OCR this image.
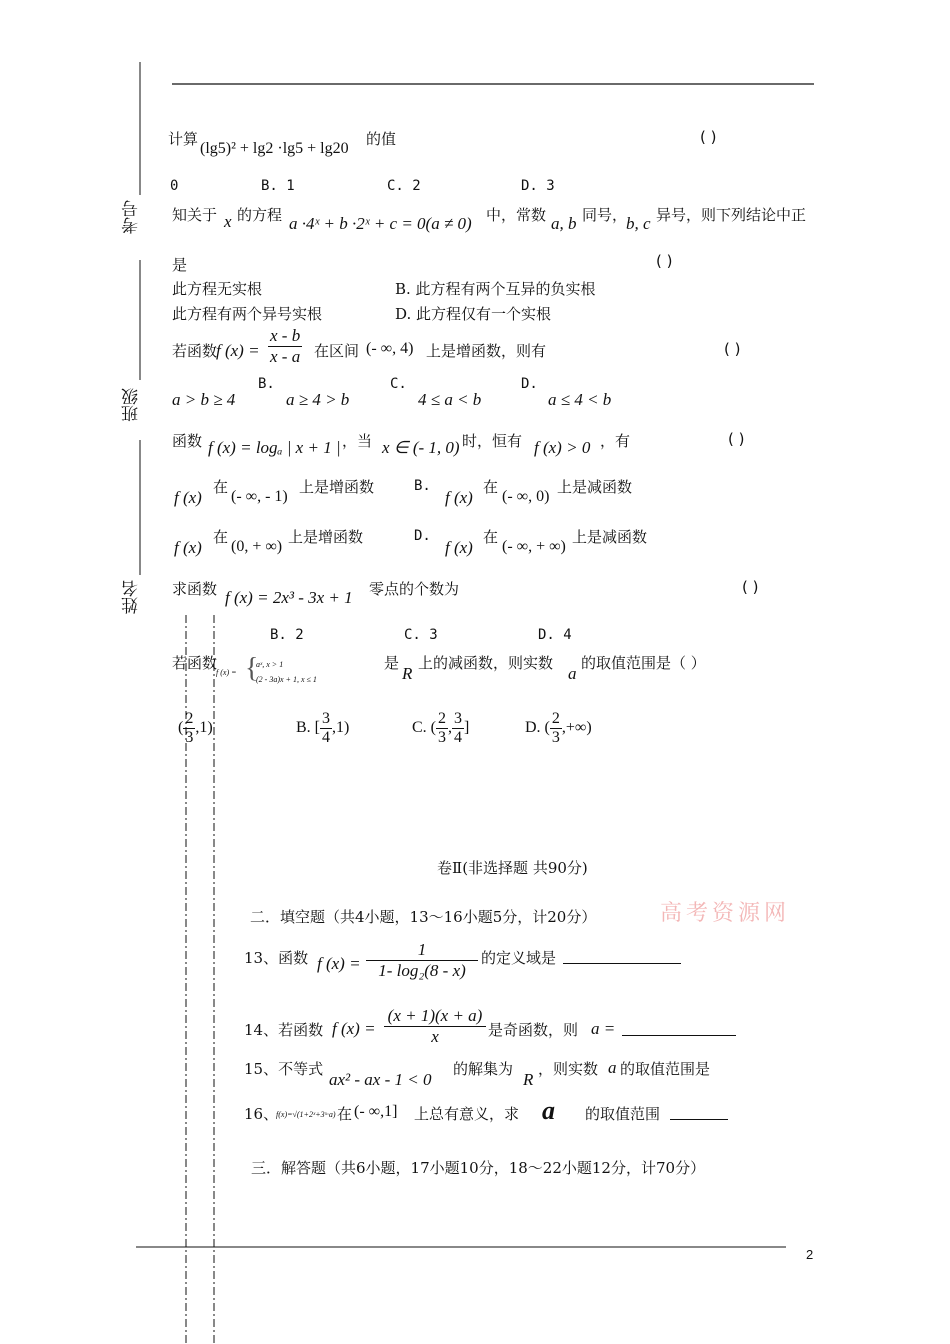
考号
班级
姓名
计算
(lg5)² + lg2 ·lg5 + lg20
的值	( )
0	B. 1	C. 2	D. 3
知关于 x 的方程 a ·4ˣ + b ·2ˣ + c = 0(a ≠ 0) 中，常数 a, b 同号，
b, c 异号，则下列结论中正
是	( )
此方程无实根	B. 此方程有两个互异的负实根
此方程有两个异号实根	D. 此方程仅有一个实根
若函数
f $(x) = \frac{x - b}{x - a}$ 在区间 (- ∞, 4) 上是增函数，则有	( )
B.	C.	D.
a > b ≥ 4	a ≥ 4 > b	4 ≤ a < b	a ≤ 4 < b
函数 f (x) = logₐ | x + 1 | ，当 x ∈ (- 1, 0) 时，恒有 f (x) > 0 ，有	( )
f (x)
在
(- ∞, - 1)
上是增函数	B.
f (x)
在
(- ∞, 0)
上是减函数
f (x)
在
(0, + ∞)
上是增函数	D.
f (x)
在
(- ∞, + ∞)
上是减函数
求函数 f (x) = 2x³ - 3x + 1 零点的个数为	( )
B. 2	C. 3	D. 4
若函数
f (x) = {
aˣ, x > 1
(2 - 3a)x + 1, x ≤ 1
是
R
上的减函数，则实数
a
的取值范围是（ ）
( $\frac{2}{3} ,1$)	B. [ $\frac{3}{4} ,1$)	C. ( $\frac{2}{3}$ , $\frac{3}{4}$ ]	D. ( $\frac{2}{3}$ ,+∞)
卷Ⅱ(非选择题 共90分)
高考资源网
二．填空题（共4小题，13～16小题5分，计20分）
13、函数 f $(x) = \frac{1}{\text{1- log₂(8 - x)}}$ 的定义域是
14、若函数 f $(x) = \frac{(x + 1)(x + a)}{x}$ 是奇函数，则 a =
15、不等式
ax² - ax - 1 < 0
的解集为
R
，则实数 a 的取值范围是
16、
f(x)=√(1+2ˣ+3ˣ·a) 在 (- ∞,1] 上总有意义，求 a 的取值范围
三．解答题（共6小题，17小题10分，18～22小题12分，计70分）
2
